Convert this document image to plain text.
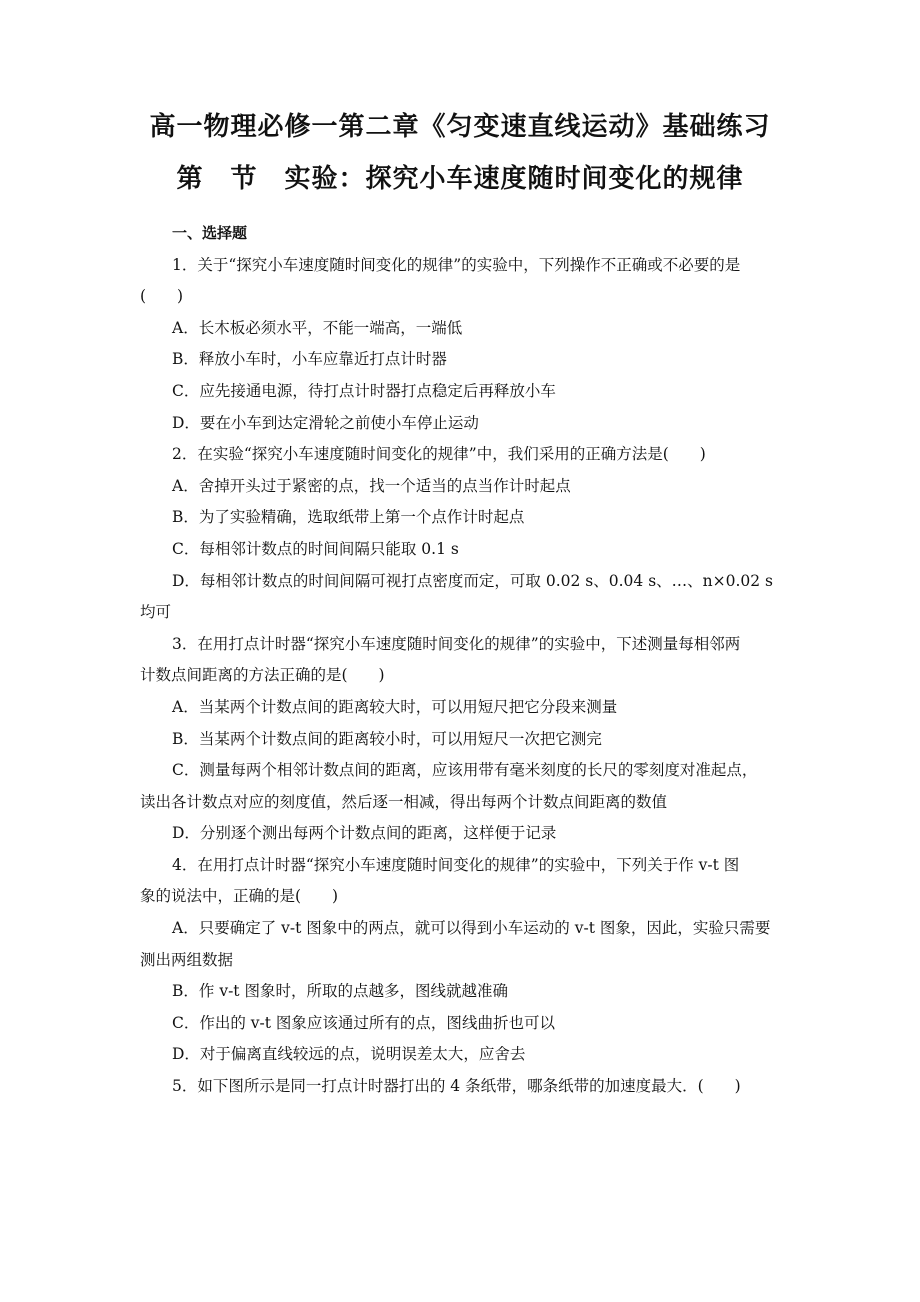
高一物理必修一第二章《匀变速直线运动》基础练习
第　节　实验：探究小车速度随时间变化的规律
一、选择题
1．关于“探究小车速度随时间变化的规律”的实验中，下列操作不正确或不必要的是
(　　)
A．长木板必须水平，不能一端高，一端低
B．释放小车时，小车应靠近打点计时器
C．应先接通电源，待打点计时器打点稳定后再释放小车
D．要在小车到达定滑轮之前使小车停止运动
2．在实验“探究小车速度随时间变化的规律”中，我们采用的正确方法是(　　)
A．舍掉开头过于紧密的点，找一个适当的点当作计时起点
B．为了实验精确，选取纸带上第一个点作计时起点
C．每相邻计数点的时间间隔只能取 0.1 s
D．每相邻计数点的时间间隔可视打点密度而定，可取 0.02 s、0.04 s、…、n×0.02 s
均可
3．在用打点计时器“探究小车速度随时间变化的规律”的实验中，下述测量每相邻两
计数点间距离的方法正确的是(　　)
A．当某两个计数点间的距离较大时，可以用短尺把它分段来测量
B．当某两个计数点间的距离较小时，可以用短尺一次把它测完
C．测量每两个相邻计数点间的距离，应该用带有毫米刻度的长尺的零刻度对准起点，
读出各计数点对应的刻度值，然后逐一相减，得出每两个计数点间距离的数值
D．分别逐个测出每两个计数点间的距离，这样便于记录
4．在用打点计时器“探究小车速度随时间变化的规律”的实验中，下列关于作 v-t 图
象的说法中，正确的是(　　)
A．只要确定了 v-t 图象中的两点，就可以得到小车运动的 v-t 图象，因此，实验只需要
测出两组数据
B．作 v-t 图象时，所取的点越多，图线就越准确
C．作出的 v-t 图象应该通过所有的点，图线曲折也可以
D．对于偏离直线较远的点，说明误差太大，应舍去
5．如下图所示是同一打点计时器打出的 4 条纸带，哪条纸带的加速度最大．(　　)
